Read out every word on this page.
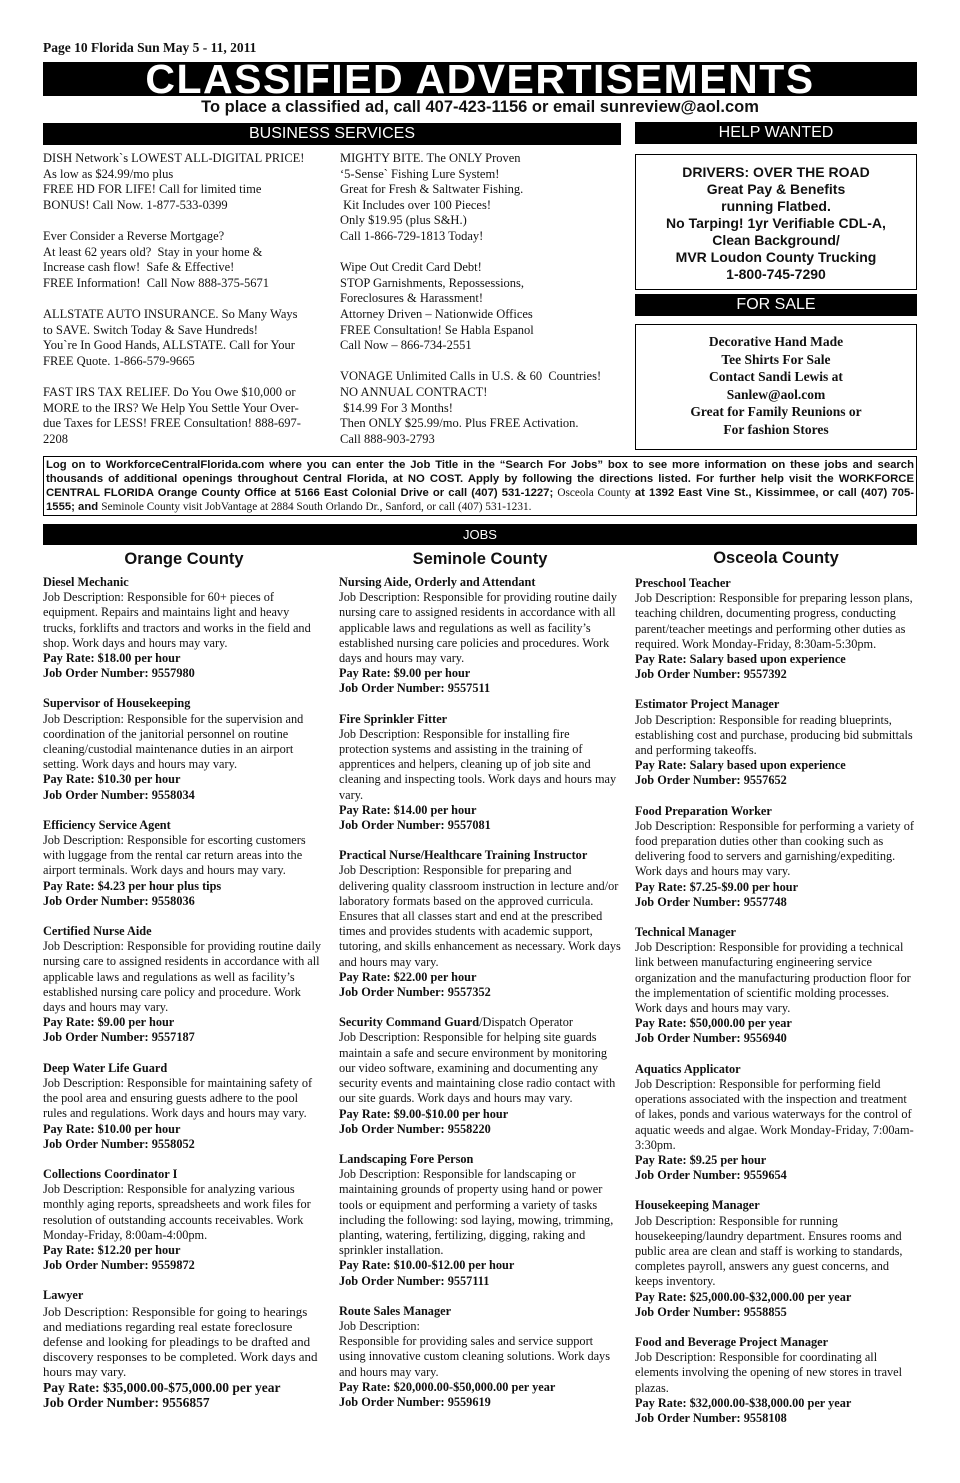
Page 10 Florida Sun May 5 - 11, 2011
CLASSIFIED ADVERTISEMENTS
To place a classified ad, call 407-423-1156 or email sunreview@aol.com
BUSINESS SERVICES	HELP WANTED

DISH Network`s LOWEST ALL-DIGITAL PRICE!

As low as $24.99/mo plus

FREE HD FOR LIFE! Call for limited time

BONUS! Call Now. 1-877-533-0399

Ever Consider a Reverse Mortgage?

At least 62 years old?  Stay in your home &

Increase cash flow!  Safe & Effective!

FREE Information!  Call Now 888-375-5671

ALLSTATE AUTO INSURANCE. So Many Ways

to SAVE. Switch Today & Save Hundreds!

You`re In Good Hands, ALLSTATE. Call for Your

FREE Quote. 1-866-579-9665

FAST IRS TAX RELIEF. Do You Owe $10,000 or

MORE to the IRS? We Help You Settle Your Over-

due Taxes for LESS! FREE Consultation! 888-697-

2208

MIGHTY BITE. The ONLY Proven

‘5-Sense` Fishing Lure System!

Great for Fresh & Saltwater Fishing.

Kit Includes over 100 Pieces!

Only $19.95 (plus S&H.)

Call 1-866-729-1813 Today!

Wipe Out Credit Card Debt!

STOP Garnishments, Repossessions,

Foreclosures & Harassment!

Attorney Driven – Nationwide Offices

FREE Consultation! Se Habla Espanol

Call Now – 866-734-2551

VONAGE Unlimited Calls in U.S. & 60  Countries!

NO ANNUAL CONTRACT!

$14.99 For 3 Months!

Then ONLY $25.99/mo. Plus FREE Activation.

Call 888-903-2793

DRIVERS: OVER THE ROAD
Great Pay & Benefits
running Flatbed.
No Tarping! 1yr Verifiable CDL-A,
Clean Background/
MVR Loudon County Trucking
1-800-745-7290
FOR SALE
Decorative Hand Made
Tee Shirts For Sale
Contact Sandi Lewis at
Sanlew@aol.com
Great for Family Reunions or
For fashion Stores
Log on to WorkforceCentralFlorida.com where you can enter the Job Title in the “Search For Jobs” box to see more information on these jobs and search thousands of additional openings throughout Central Florida, at NO COST. Apply by following the directions listed. For further help visit the WORKFORCE CENTRAL FLORIDA Orange County Office at 5166 East Colonial Drive or call (407) 531-1227; Osceola County at 1392 East Vine St., Kissimmee, or call (407) 705-1555; and Seminole County visit JobVantage at 2884 South Orlando Dr., Sanford, or call (407) 531-1231.
JOBS
Orange County	Seminole County	Osceola County
Diesel Mechanic
Job Description: Responsible for 60+ pieces of equipment. Repairs and maintains light and heavy trucks, forklifts and tractors and works in the field and shop. Work days and hours may vary.
Pay Rate: $18.00 per hour
Job Order Number: 9557980
Supervisor of Housekeeping
Job Description: Responsible for the supervision and coordination of the janitorial personnel on routine cleaning/custodial maintenance duties in an airport setting. Work days and hours may vary.
Pay Rate: $10.30 per hour
Job Order Number: 9558034
Efficiency Service Agent
Job Description: Responsible for escorting customers with luggage from the rental car return areas into the airport terminals. Work days and hours may vary.
Pay Rate: $4.23 per hour plus tips
Job Order Number: 9558036
Certified Nurse Aide
Job Description: Responsible for providing routine daily nursing care to assigned residents in accordance with all applicable laws and regulations as well as facility’s established nursing care policy and procedure. Work days and hours may vary.
Pay Rate: $9.00 per hour
Job Order Number: 9557187
Deep Water Life Guard
Job Description: Responsible for maintaining safety of the pool area and ensuring guests adhere to the pool rules and regulations. Work days and hours may vary.
Pay Rate: $10.00 per hour
Job Order Number: 9558052
Collections Coordinator I
Job Description: Responsible for analyzing various monthly aging reports, spreadsheets and work files for resolution of outstanding accounts receivables. Work Monday-Friday, 8:00am-4:00pm.
Pay Rate: $12.20 per hour
Job Order Number: 9559872
Lawyer
Job Description: Responsible for going to hearings and mediations regarding real estate foreclosure defense and looking for pleadings to be drafted and discovery responses to be completed. Work days and hours may vary.
Pay Rate: $35,000.00-$75,000.00 per year
Job Order Number: 9556857
Nursing Aide, Orderly and Attendant
Job Description: Responsible for providing routine daily nursing care to assigned residents in accordance with all applicable laws and regulations as well as facility’s established nursing care policies and procedures. Work days and hours may vary.
Pay Rate: $9.00 per hour
Job Order Number: 9557511
Fire Sprinkler Fitter
Job Description: Responsible for installing fire protection systems and assisting in the training of apprentices and helpers, cleaning up of job site and cleaning and inspecting tools. Work days and hours may vary.
Pay Rate: $14.00 per hour
Job Order Number: 9557081
Practical Nurse/Healthcare Training Instructor
Job Description: Responsible for preparing and delivering quality classroom instruction in lecture and/or laboratory formats based on the approved curricula. Ensures that all classes start and end at the prescribed times and provides students with academic support, tutoring, and skills enhancement as necessary. Work days and hours may vary.
Pay Rate: $22.00 per hour
Job Order Number: 9557352
Security Command Guard/Dispatch Operator
Job Description: Responsible for helping site guards maintain a safe and secure environment by monitoring our video software, examining and documenting any security events and maintaining close radio contact with our site guards. Work days and hours may vary.
Pay Rate: $9.00-$10.00 per hour
Job Order Number: 9558220
Landscaping Fore Person
Job Description: Responsible for landscaping or maintaining grounds of property using hand or power tools or equipment and performing a variety of tasks including the following: sod laying, mowing, trimming, planting, watering, fertilizing, digging, raking and sprinkler installation.
Pay Rate: $10.00-$12.00 per hour
Job Order Number: 9557111
Route Sales Manager
Job Description:
Responsible for providing sales and service support using innovative custom cleaning solutions. Work days and hours may vary.
Pay Rate: $20,000.00-$50,000.00 per year
Job Order Number: 9559619
Preschool Teacher
Job Description: Responsible for preparing lesson plans, teaching children, documenting progress, conducting parent/teacher meetings and performing other duties as required. Work Monday-Friday, 8:30am-5:30pm.
Pay Rate: Salary based upon experience
Job Order Number: 9557392
Estimator Project Manager
Job Description: Responsible for reading blueprints, establishing cost and purchase, producing bid submittals and performing takeoffs.
Pay Rate: Salary based upon experience
Job Order Number: 9557652
Food Preparation Worker
Job Description: Responsible for performing a variety of food preparation duties other than cooking such as delivering food to servers and garnishing/expediting. Work days and hours may vary.
Pay Rate: $7.25-$9.00 per hour
Job Order Number: 9557748
Technical Manager
Job Description: Responsible for providing a technical link between manufacturing engineering service organization and the manufacturing production floor for the implementation of scientific molding processes. Work days and hours may vary.
Pay Rate: $50,000.00 per year
Job Order Number: 9556940
Aquatics Applicator
Job Description: Responsible for performing field operations associated with the inspection and treatment of lakes, ponds and various waterways for the control of aquatic weeds and algae. Work Monday-Friday, 7:00am-3:30pm.
Pay Rate: $9.25 per hour
Job Order Number: 9559654
Housekeeping Manager
Job Description: Responsible for running housekeeping/laundry department. Ensures rooms and public area are clean and staff is working to standards, completes payroll, answers any guest concerns, and keeps inventory.
Pay Rate: $25,000.00-$32,000.00 per year
Job Order Number: 9558855
Food and Beverage Project Manager
Job Description: Responsible for coordinating all elements involving the opening of new stores in travel plazas.
Pay Rate: $32,000.00-$38,000.00 per year
Job Order Number: 9558108
